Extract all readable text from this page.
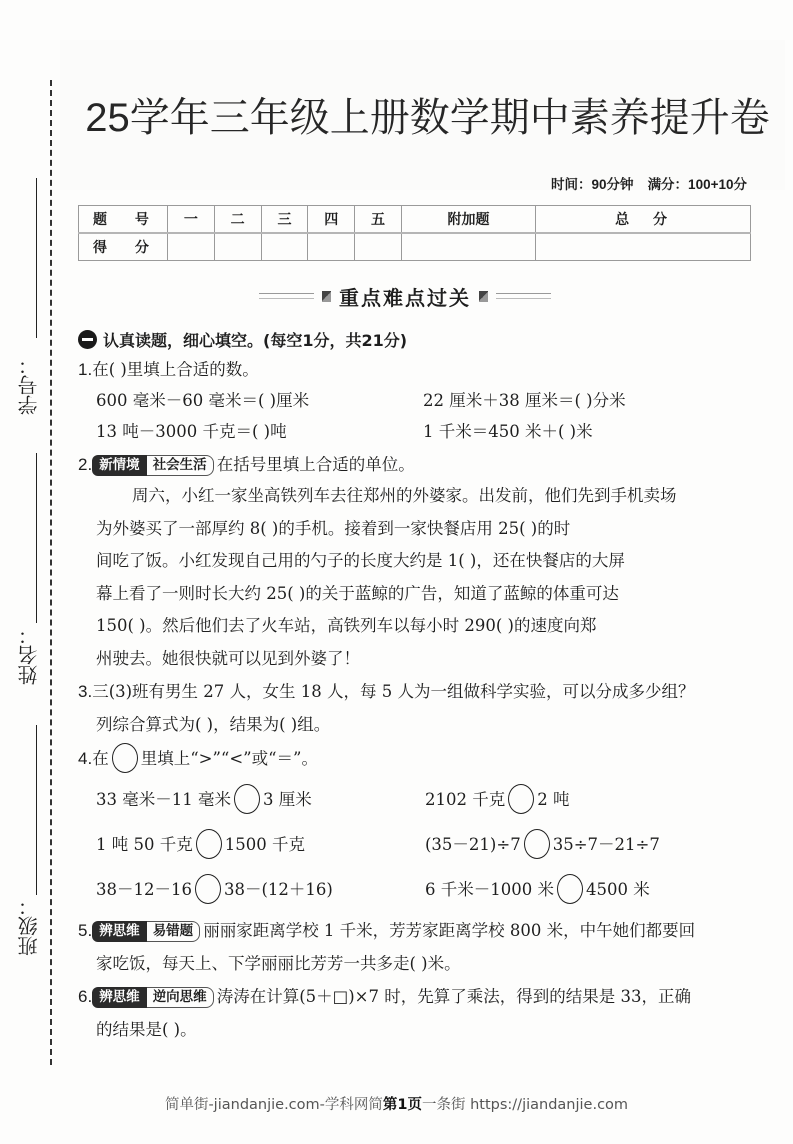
学号：
姓名：
班级：
25学年三年级上册数学期中素养提升卷
时间：90分钟 满分：100+10分
题 号	一	二	三	四	五	附加题	总 分
得 分							
重点难点过关
认真读题，细心填空。(每空1分，共21分)
1.在( )里填上合适的数。
600 毫米－60 毫米＝( )厘米	22 厘米＋38 厘米＝( )分米
13 吨－3000 千克＝( )吨	1 千米＝450 米＋( )米
2. 新情境 社会生活 在括号里填上合适的单位。
周六，小红一家坐高铁列车去往郑州的外婆家。出发前，他们先到手机卖场
为外婆买了一部厚约 8( )的手机。接着到一家快餐店用 25( )的时
间吃了饭。小红发现自己用的勺子的长度大约是 1( )，还在快餐店的大屏
幕上看了一则时长大约 25( )的关于蓝鲸的广告，知道了蓝鲸的体重可达
150( )。然后他们去了火车站，高铁列车以每小时 290( )的速度向郑
州驶去。她很快就可以见到外婆了！
3.三(3)班有男生 27 人，女生 18 人，每 5 人为一组做科学实验，可以分成多少组？
列综合算式为( )，结果为( )组。
4.在 里填上“>”“<”或“＝”。
33 毫米－11 毫米 3 厘米	2102 千克 2 吨
1 吨 50 千克 1500 千克	(35－21)÷7 35÷7－21÷7
38－12－16 38－(12＋16)	6 千米－1000 米 4500 米
5. 辨思维 易错题 丽丽家距离学校 1 千米，芳芳家距离学校 800 米，中午她们都要回
家吃饭，每天上、下学丽丽比芳芳一共多走( )米。
6. 辨思维 逆向思维 涛涛在计算(5＋□)×7 时，先算了乘法，得到的结果是 33，正确
的结果是( )。
简单街-jiandanjie.com-学科网简第1页一条街 https://jiandanjie.com
